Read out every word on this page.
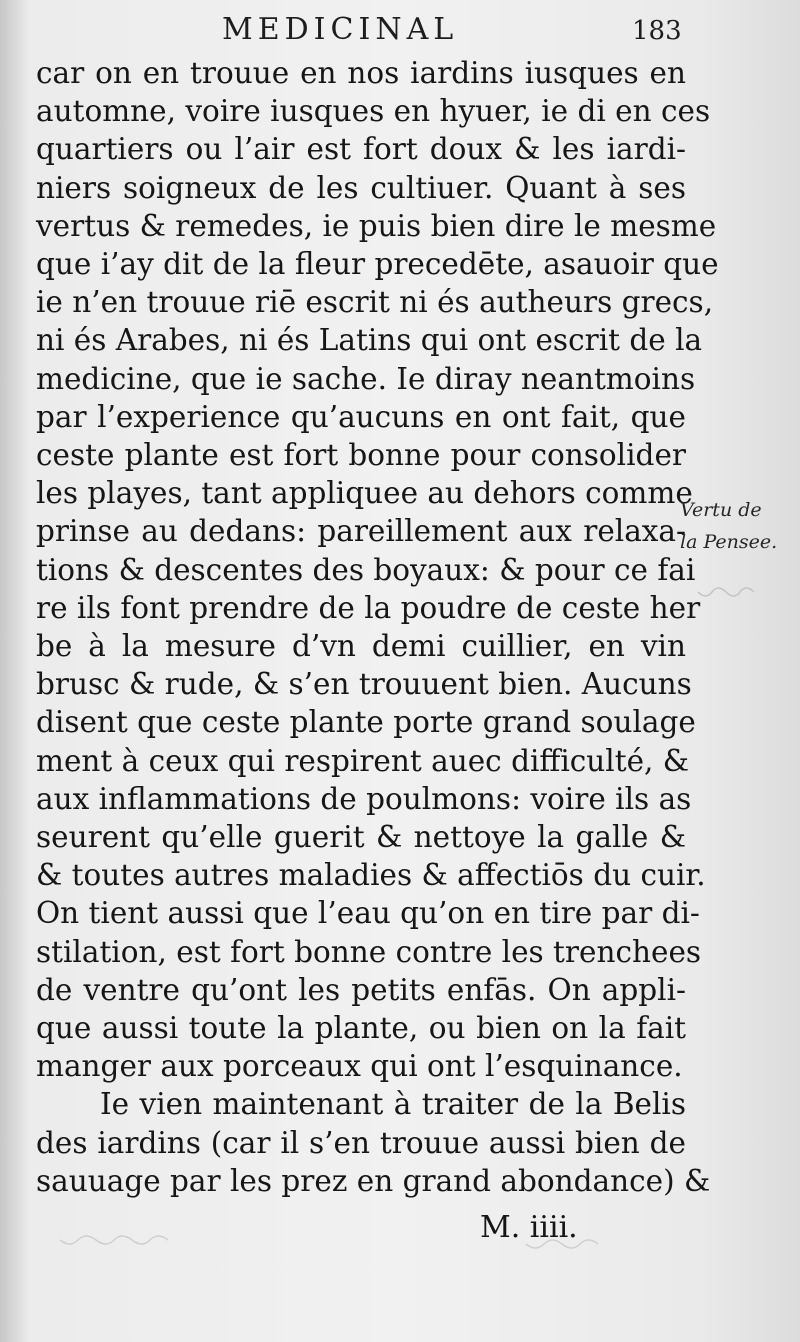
MEDICINAL	183
car on en trouue en nos iardins iusques en
automne, voire iusques en hyuer, ie di en ces
quartiers ou l’air est fort doux & les iardi-
niers soigneux de les cultiuer. Quant à ses
vertus & remedes, ie puis bien dire le mesme
que i’ay dit de la fleur precedēte, asauoir que
ie n’en trouue riē escrit ni és autheurs grecs,
ni és Arabes, ni és Latins qui ont escrit de la
medicine, que ie sache. Ie diray neantmoins
par l’experience qu’aucuns en ont fait, que
ceste plante est fort bonne pour consolider
les playes, tant appliquee au dehors comme
prinse au dedans: pareillement aux relaxa-
tions & descentes des boyaux: & pour ce fai
re ils font prendre de la poudre de ceste her
be à la mesure d’vn demi cuillier, en vin
brusc & rude, & s’en trouuent bien. Aucuns
disent que ceste plante porte grand soulage
ment à ceux qui respirent auec difficulté, &
aux inflammations de poulmons: voire ils as
seurent qu’elle guerit & nettoye la galle &
& toutes autres maladies & affectiōs du cuir.
On tient aussi que l’eau qu’on en tire par di-
stilation, est fort bonne contre les trenchees
de ventre qu’ont les petits enfās. On appli-
que aussi toute la plante, ou bien on la fait
manger aux porceaux qui ont l’esquinance.
Ie vien maintenant à traiter de la Belis
des iardins (car il s’en trouue aussi bien de
sauuage par les prez en grand abondance) &
M. iiii.
Vertu de
la Pensee.
